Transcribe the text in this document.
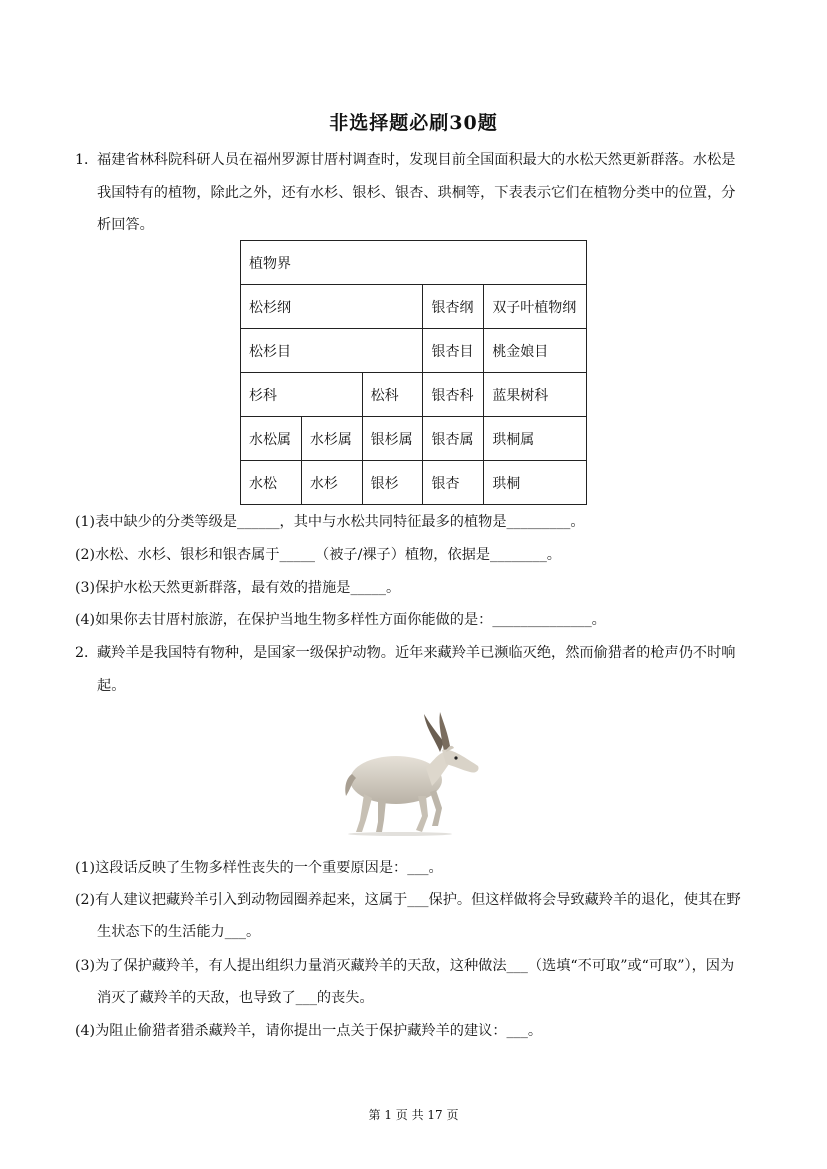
非选择题必刷30题
1．
福建省林科院科研人员在福州罗源甘厝村调查时，发现目前全国面积最大的水松天然更新群落。水松是
我国特有的植物，除此之外，还有水杉、银杉、银杏、珙桐等，下表表示它们在植物分类中的位置，分
析回答。
植物界				
松杉纲			银杏纲	双子叶植物纲
松杉目			银杏目	桃金娘目
杉科		松科	银杏科	蓝果树科
水松属	水杉属	银杉属	银杏属	珙桐属
水松	水杉	银杉	银杏	珙桐
(1)表中缺少的分类等级是______，其中与水松共同特征最多的植物是_________。
(2)水松、水杉、银杉和银杏属于_____（被子/裸子）植物，依据是________。
(3)保护水松天然更新群落，最有效的措施是_____。
(4)如果你去甘厝村旅游，在保护当地生物多样性方面你能做的是：______________。
2．
藏羚羊是我国特有物种，是国家一级保护动物。近年来藏羚羊已濒临灭绝，然而偷猎者的枪声仍不时响
起。
(1)这段话反映了生物多样性丧失的一个重要原因是：___。
(2)有人建议把藏羚羊引入到动物园圈养起来，这属于___保护。但这样做将会导致藏羚羊的退化，使其在野
生状态下的生活能力___。
(3)为了保护藏羚羊，有人提出组织力量消灭藏羚羊的天敌，这种做法___（选填“不可取”或“可取”），因为
消灭了藏羚羊的天敌，也导致了___的丧失。
(4)为阻止偷猎者猎杀藏羚羊，请你提出一点关于保护藏羚羊的建议：___。
第 1 页 共 17 页
